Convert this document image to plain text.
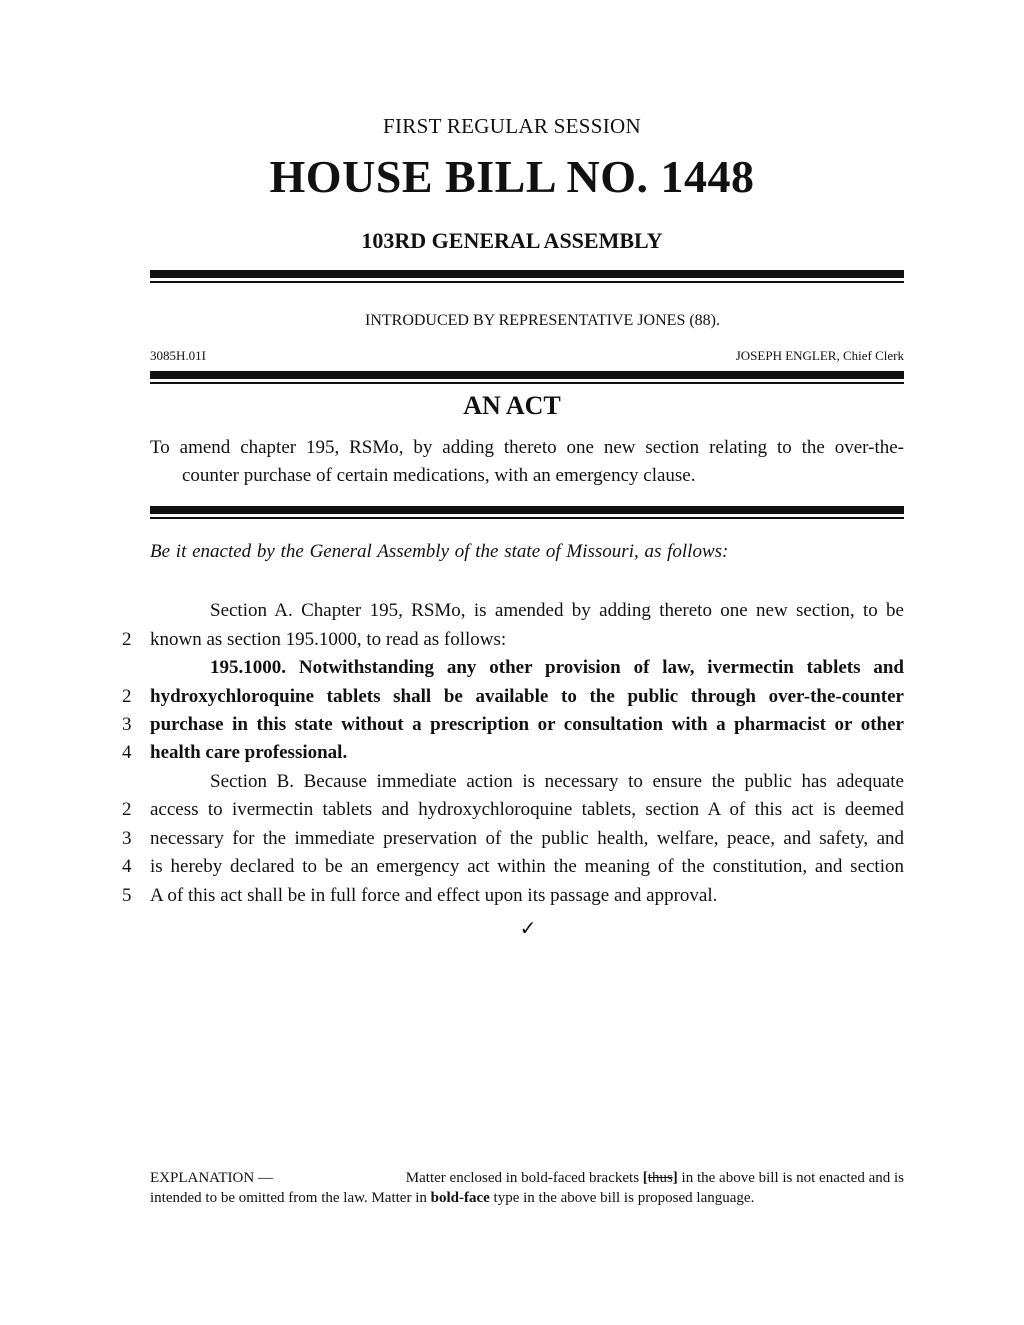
FIRST REGULAR SESSION
HOUSE BILL NO. 1448
103RD GENERAL ASSEMBLY
INTRODUCED BY REPRESENTATIVE JONES (88).
3085H.01I	JOSEPH ENGLER, Chief Clerk
AN ACT
To amend chapter 195, RSMo, by adding thereto one new section relating to the over-the-
counter purchase of certain medications, with an emergency clause.
Be it enacted by the General Assembly of the state of Missouri, as follows:
Section A. Chapter 195, RSMo, is amended by adding thereto one new section, to be
2 known as section 195.1000, to read as follows:
195.1000. Notwithstanding any other provision of law, ivermectin tablets and
2 hydroxychloroquine tablets shall be available to the public through over-the-counter
3 purchase in this state without a prescription or consultation with a pharmacist or other
4 health care professional.
Section B. Because immediate action is necessary to ensure the public has adequate
2 access to ivermectin tablets and hydroxychloroquine tablets, section A of this act is deemed
3 necessary for the immediate preservation of the public health, welfare, peace, and safety, and
4 is hereby declared to be an emergency act within the meaning of the constitution, and section
5 A of this act shall be in full force and effect upon its passage and approval.
✓
EXPLANATION —	Matter enclosed in bold-faced brackets [thus] in the above bill is not enacted and is
intended to be omitted from the law. Matter in bold-face type in the above bill is proposed language.
